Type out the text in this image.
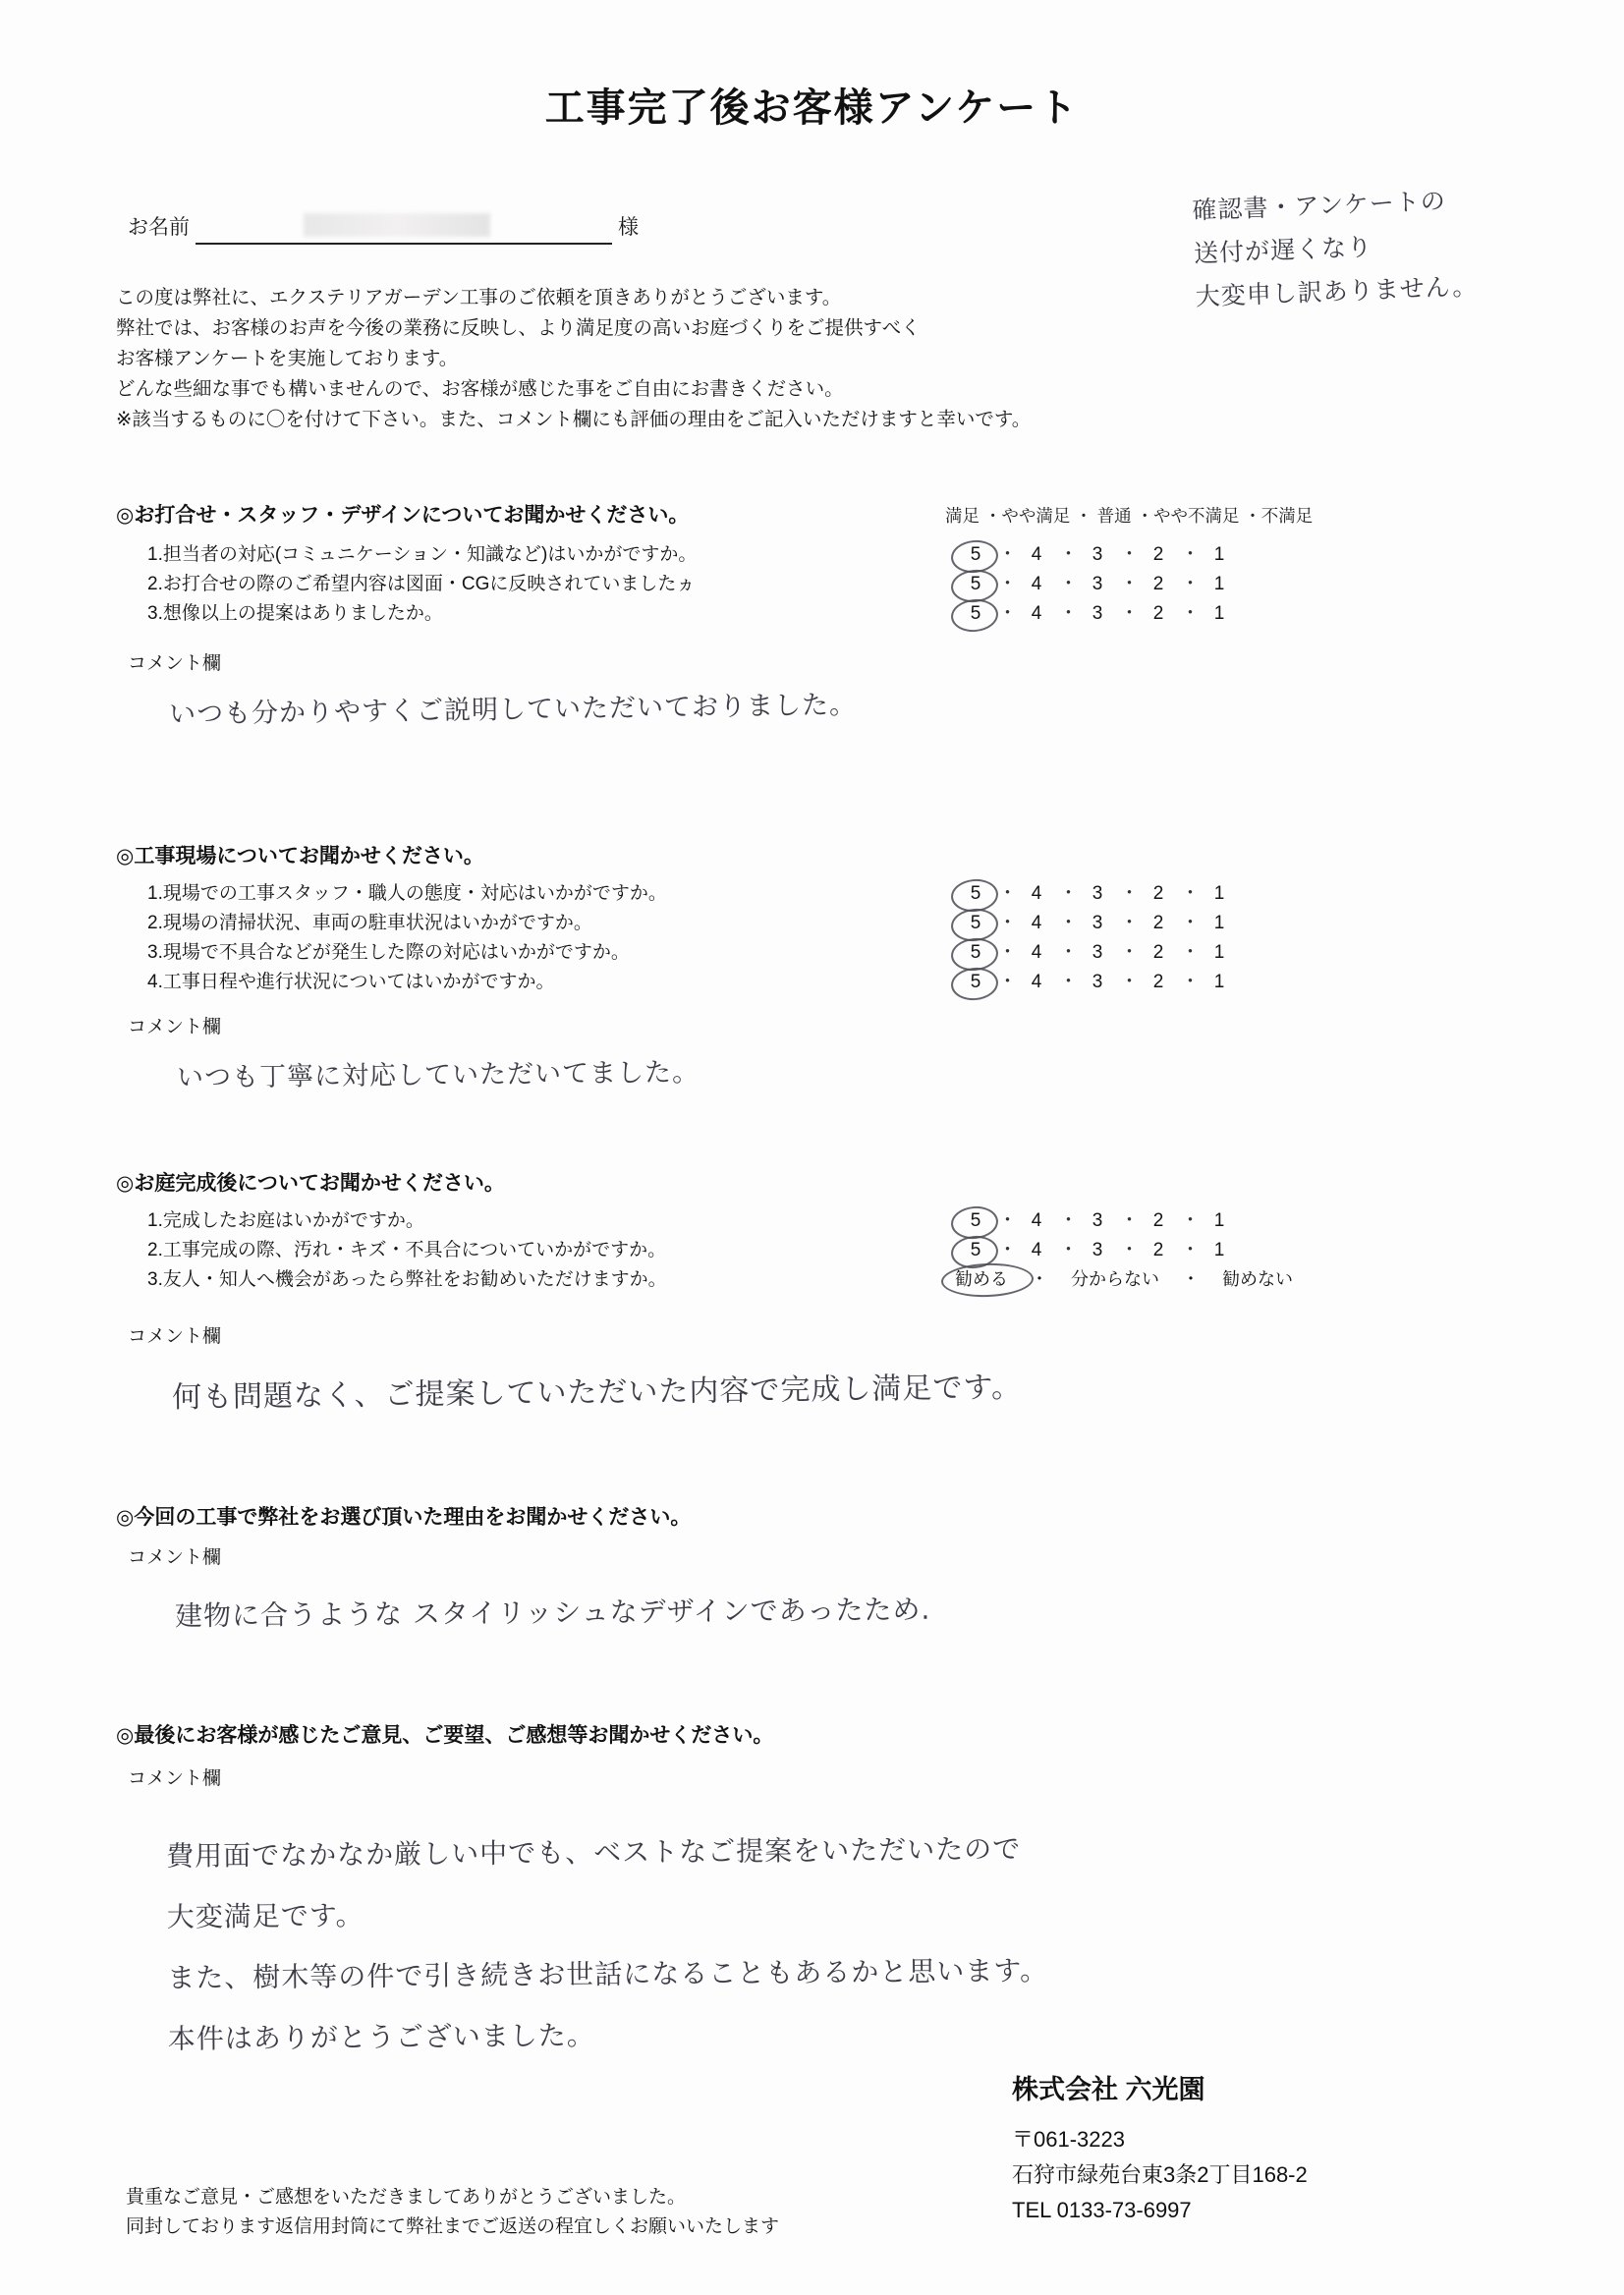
工事完了後お客様アンケート
お名前	様
確認書・アンケートの
送付が遅くなり
大変申し訳ありません。
この度は弊社に、エクステリアガーデン工事のご依頼を頂きありがとうございます。
弊社では、お客様のお声を今後の業務に反映し、より満足度の高いお庭づくりをご提供すべく
お客様アンケートを実施しております。
どんな些細な事でも構いませんので、お客様が感じた事をご自由にお書きください。
※該当するものに〇を付けて下さい。また、コメント欄にも評価の理由をご記入いただけますと幸いです。
◎お打合せ・スタッフ・デザインについてお聞かせください。	満足 ・やや満足 ・ 普通 ・やや不満足 ・不満足
1.担当者の対応(コミュニケーション・知識など)はいかがですか。
2.お打合せの際のご希望内容は図面・CGに反映されていましたヵ
3.想像以上の提案はありましたか。
5 ・ 4 ・ 3 ・ 2 ・ 1
5 ・ 4 ・ 3 ・ 2 ・ 1
5 ・ 4 ・ 3 ・ 2 ・ 1
コメント欄
いつも分かりやすくご説明していただいておりました。
◎工事現場についてお聞かせください。
1.現場での工事スタッフ・職人の態度・対応はいかがですか。
2.現場の清掃状況、車両の駐車状況はいかがですか。
3.現場で不具合などが発生した際の対応はいかがですか。
4.工事日程や進行状況についてはいかがですか。
5 ・ 4 ・ 3 ・ 2 ・ 1
5 ・ 4 ・ 3 ・ 2 ・ 1
5 ・ 4 ・ 3 ・ 2 ・ 1
5 ・ 4 ・ 3 ・ 2 ・ 1
コメント欄
いつも丁寧に対応していただいてました。
◎お庭完成後についてお聞かせください。
1.完成したお庭はいかがですか。
2.工事完成の際、汚れ・キズ・不具合についていかがですか。
3.友人・知人へ機会があったら弊社をお勧めいただけますか。
5 ・ 4 ・ 3 ・ 2 ・ 1
5 ・ 4 ・ 3 ・ 2 ・ 1
勧める 　・　 分からない 　・　 勧めない
コメント欄
何も問題なく、ご提案していただいた内容で完成し満足です。
◎今回の工事で弊社をお選び頂いた理由をお聞かせください。
コメント欄
建物に合うような スタイリッシュなデザインであったため.
◎最後にお客様が感じたご意見、ご要望、ご感想等お聞かせください。
コメント欄
費用面でなかなか厳しい中でも、ベストなご提案をいただいたので
大変満足です。
また、樹木等の件で引き続きお世話になることもあるかと思います。
本件はありがとうございました。
株式会社 六光園
〒061-3223
石狩市緑苑台東3条2丁目168-2
TEL 0133-73-6997
貴重なご意見・ご感想をいただきましてありがとうございました。
同封しております返信用封筒にて弊社までご返送の程宜しくお願いいたします
